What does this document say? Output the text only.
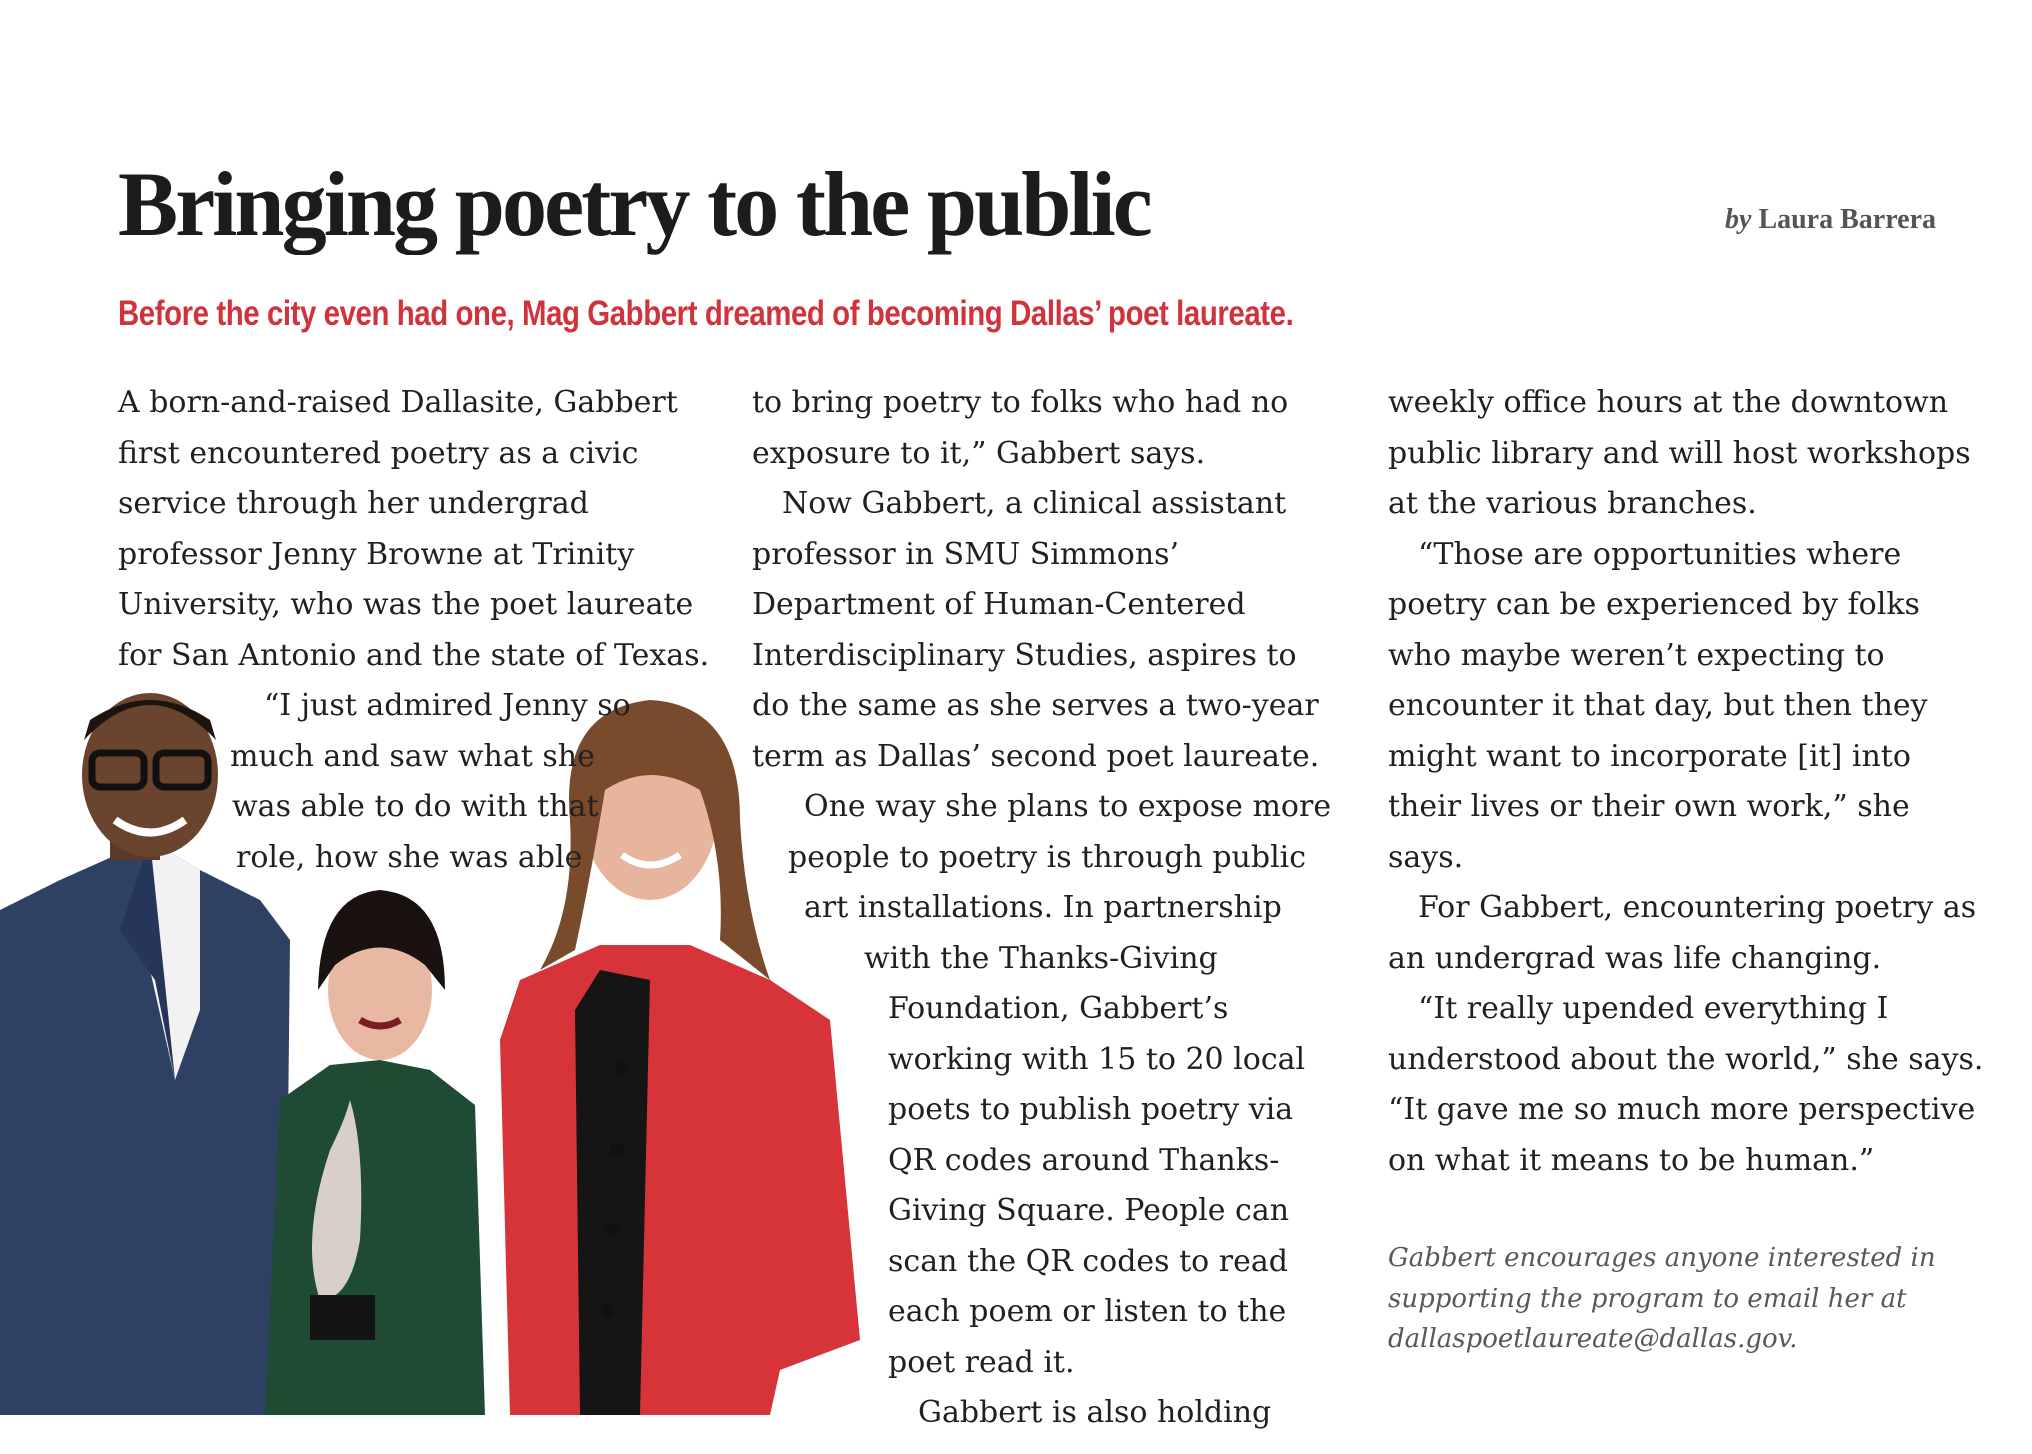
Bringing poetry to the public	by Laura Barrera
Before the city even had one, Mag Gabbert dreamed of becoming Dallas’ poet laureate.
A born-and-raised Dallasite, Gabbert
first encountered poetry as a civic
service through her undergrad
professor Jenny Browne at Trinity
University, who was the poet laureate
for San Antonio and the state of Texas.
“I just admired Jenny so
much and saw what she
was able to do with that
role, how she was able
to bring poetry to folks who had no
exposure to it,” Gabbert says.
Now Gabbert, a clinical assistant
professor in SMU Simmons’
Department of Human-Centered
Interdisciplinary Studies, aspires to
do the same as she serves a two-year
term as Dallas’ second poet laureate.
One way she plans to expose more
people to poetry is through public
art installations. In partnership
with the Thanks-Giving
Foundation, Gabbert’s
working with 15 to 20 local
poets to publish poetry via
QR codes around Thanks-
Giving Square. People can
scan the QR codes to read
each poem or listen to the
poet read it.
Gabbert is also holding
weekly office hours at the downtown
public library and will host workshops
at the various branches.
“Those are opportunities where
poetry can be experienced by folks
who maybe weren’t expecting to
encounter it that day, but then they
might want to incorporate [it] into
their lives or their own work,” she
says.
For Gabbert, encountering poetry as
an undergrad was life changing.
“It really upended everything I
understood about the world,” she says.
“It gave me so much more perspective
on what it means to be human.”
Gabbert encourages anyone interested in
supporting the program to email her at
dallaspoetlaureate@dallas.gov.
